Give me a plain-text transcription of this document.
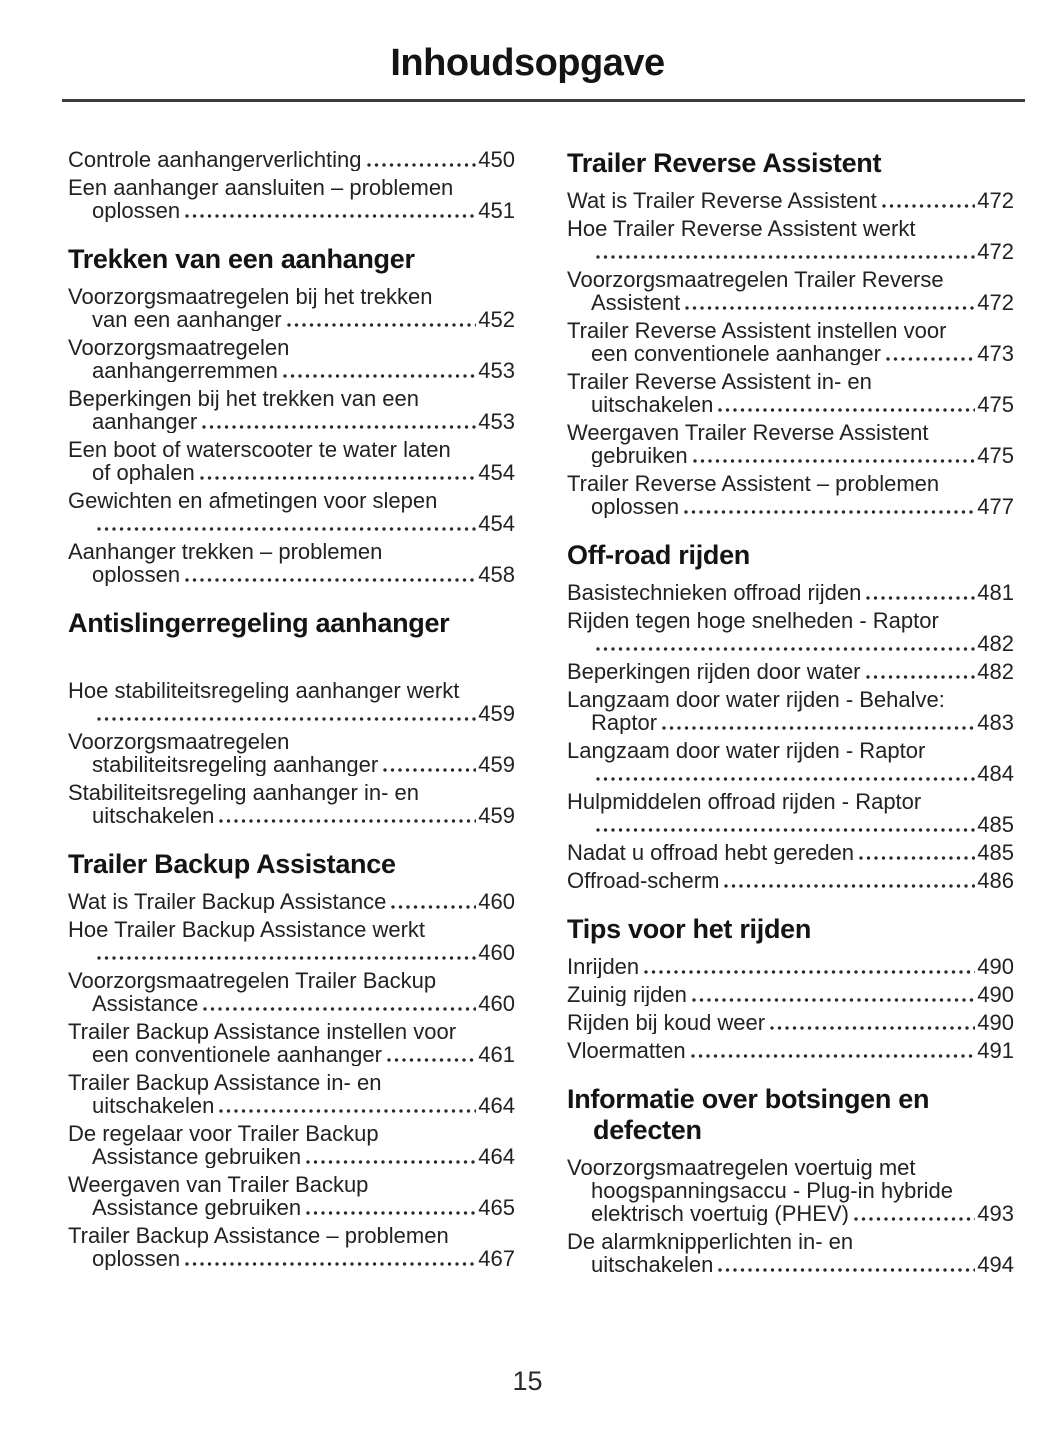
Inhoudsopgave
Controle aanhangerverlichting	450
Een aanhanger aansluiten – problemen
oplossen	451
Trekken van een aanhanger
Voorzorgsmaatregelen bij het trekken
van een aanhanger	452
Voorzorgsmaatregelen
aanhangerremmen	453
Beperkingen bij het trekken van een
aanhanger	453
Een boot of waterscooter te water laten
of ophalen	454
Gewichten en afmetingen voor slepen
454
Aanhanger trekken – problemen
oplossen	458
Antislingerregeling aanhanger
Hoe stabiliteitsregeling aanhanger werkt
459
Voorzorgsmaatregelen
stabiliteitsregeling aanhanger	459
Stabiliteitsregeling aanhanger in- en
uitschakelen	459
Trailer Backup Assistance
Wat is Trailer Backup Assistance	460
Hoe Trailer Backup Assistance werkt
460
Voorzorgsmaatregelen Trailer Backup
Assistance	460
Trailer Backup Assistance instellen voor
een conventionele aanhanger	461
Trailer Backup Assistance in- en
uitschakelen	464
De regelaar voor Trailer Backup
Assistance gebruiken	464
Weergaven van Trailer Backup
Assistance gebruiken	465
Trailer Backup Assistance – problemen
oplossen	467
Trailer Reverse Assistent
Wat is Trailer Reverse Assistent	472
Hoe Trailer Reverse Assistent werkt
472
Voorzorgsmaatregelen Trailer Reverse
Assistent	472
Trailer Reverse Assistent instellen voor
een conventionele aanhanger	473
Trailer Reverse Assistent in- en
uitschakelen	475
Weergaven Trailer Reverse Assistent
gebruiken	475
Trailer Reverse Assistent – problemen
oplossen	477
Off-road rijden
Basistechnieken offroad rijden	481
Rijden tegen hoge snelheden - Raptor
482
Beperkingen rijden door water	482
Langzaam door water rijden - Behalve:
Raptor	483
Langzaam door water rijden - Raptor
484
Hulpmiddelen offroad rijden - Raptor
485
Nadat u offroad hebt gereden	485
Offroad-scherm	486
Tips voor het rijden
Inrijden	490
Zuinig rijden	490
Rijden bij koud weer	490
Vloermatten	491
Informatie over botsingen en
defecten
Voorzorgsmaatregelen voertuig met
hoogspanningsaccu - Plug-in hybride
elektrisch voertuig (PHEV)	493
De alarmknipperlichten in- en
uitschakelen	494
15
